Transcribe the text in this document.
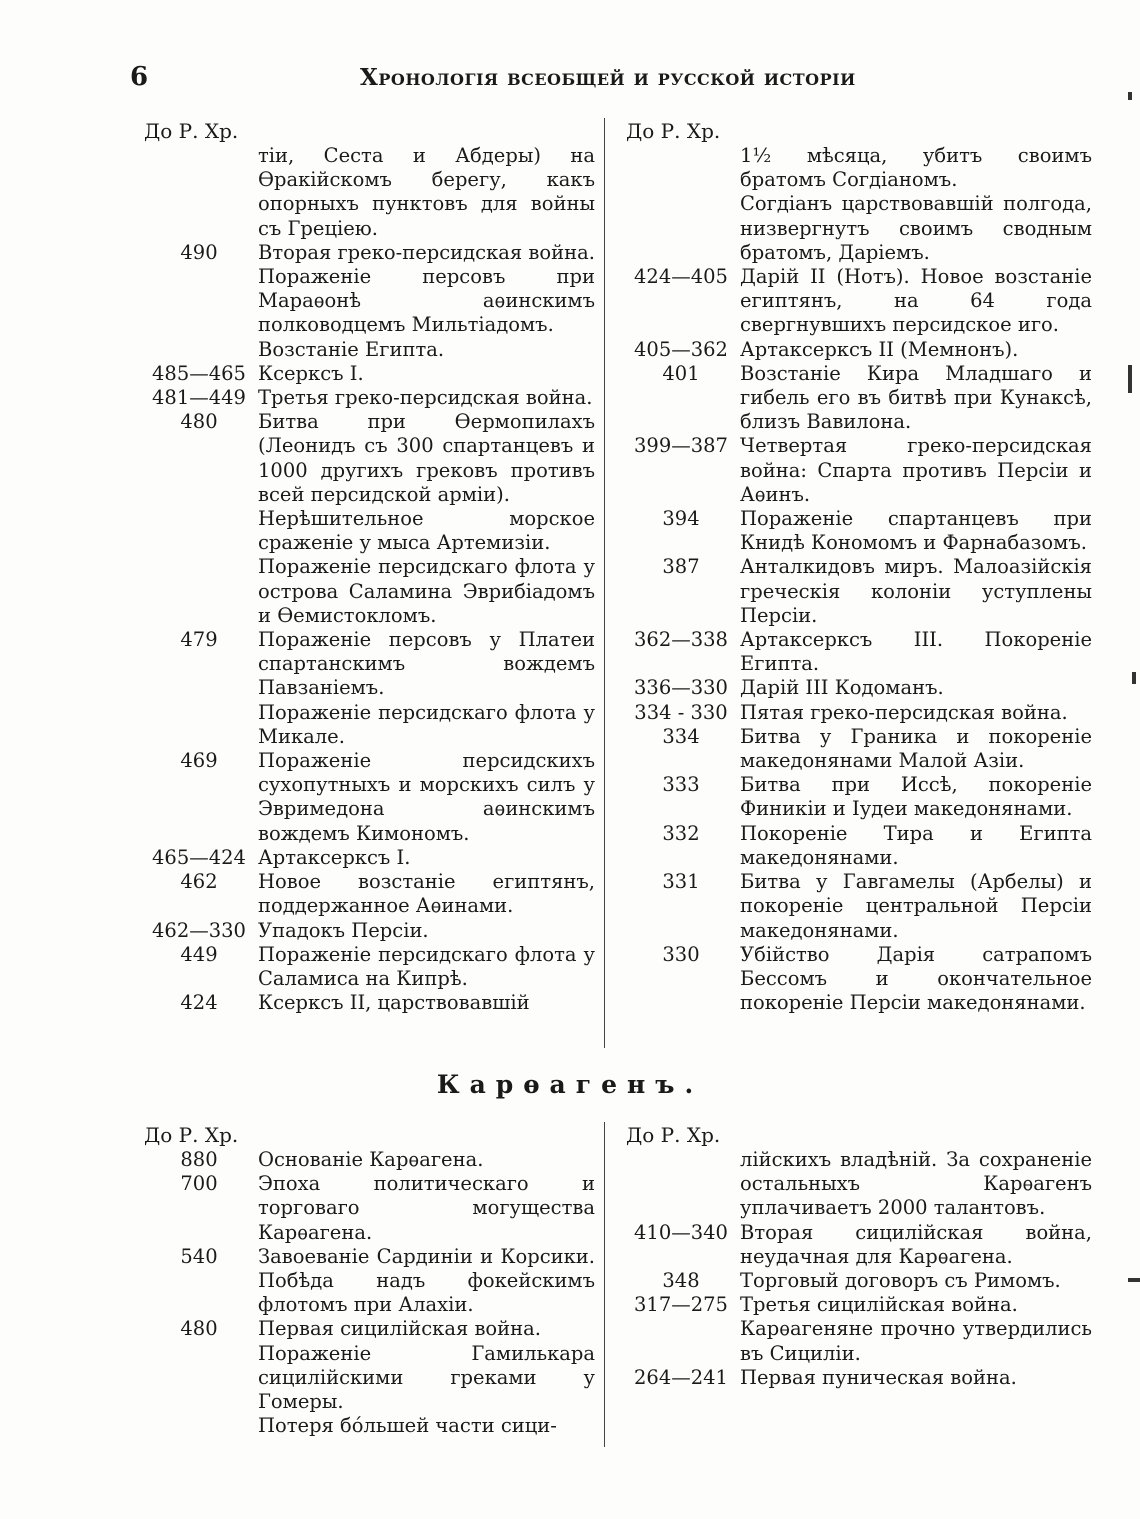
6	Хронологія всеобщей и русской исторіи
До Р. Хр.
тіи, Сеста и Абдеры) на Ѳракійскомъ берегу, какъ опорныхъ пунктовъ для войны съ Греціею.
490	Вторая греко-персидская война.
Пораженіе персовъ при Мараѳонѣ аѳинскимъ полководцемъ Мильтіадомъ.
Возстаніе Египта.
485—465 Ксерксъ I.
481—449 Третья греко-персидская война.
480	Битва при Ѳермопилахъ (Леонидъ съ 300 спартанцевъ и 1000 другихъ грековъ противъ всей персидской арміи).
Нерѣшительное морское сраженіе у мыса Артемизіи.
Пораженіе персидскаго флота у острова Саламина Эврибіадомъ и Ѳемистокломъ.
479	Пораженіе персовъ у Платеи спартанскимъ вождемъ Павзаніемъ.
Пораженіе персидскаго флота у Микале.
469	Пораженіе персидскихъ сухопутныхъ и морскихъ силъ у Эвримедона аѳинскимъ вождемъ Кимономъ.
465—424 Артаксерксъ I.
462	Новое возстаніе египтянъ, поддержанное Аѳинами.
462—330 Упадокъ Персіи.
449	Пораженіе персидскаго флота у Саламиса на Кипрѣ.
424	Ксерксъ II, царствовавшій
До Р. Хр.
1½ мѣсяца, убитъ своимъ братомъ Согдіаномъ.
Согдіанъ царствовавшій полгода, низвергнутъ своимъ сводным братомъ, Даріемъ.
424—405 Дарій II (Нотъ). Новое возстаніе египтянъ, на 64 года свергнувшихъ персидское иго.
405—362 Артаксерксъ II (Мемнонъ).
401	Возстаніе Кира Младшаго и гибель его въ битвѣ при Кунаксѣ, близъ Вавилона.
399—387 Четвертая греко-персидская война: Спарта противъ Персіи и Аѳинъ.
394	Пораженіе спартанцевъ при Книдѣ Кономомъ и Фарнабазомъ.
387	Анталкидовъ миръ. Малоазійскія греческія колоніи уступлены Персіи.
362—338 Артаксерксъ III. Покореніе Египта.
336—330 Дарій III Кодоманъ.
334 - 330 Пятая греко-персидская война.
334	Битва у Граника и покореніе македонянами Малой Азіи.
333	Битва при Иссѣ, покореніе Финикіи и Іудеи македонянами.
332	Покореніе Тира и Египта македонянами.
331	Битва у Гавгамелы (Арбелы) и покореніе центральной Персіи македонянами.
330	Убійство Дарія сатрапомъ Бессомъ и окончательное покореніе Персіи македонянами.
Карѳагенъ.
До Р. Хр.
880	Основаніе Карѳагена.
700	Эпоха политическаго и торговаго могущества Карѳагена.
540	Завоеваніе Сардиніи и Корсики. Побѣда надъ фокейскимъ флотомъ при Алахіи.
480	Первая сицилійская война.
Пораженіе Гамилькара сицилійскими греками у Гомеры.
Потеря бóльшей части сици-
До Р. Хр.
лійскихъ владѣній. За сохраненіе остальныхъ Карѳагенъ уплачиваетъ 2000 талантовъ.
410—340 Вторая сицилійская война, неудачная для Карѳагена.
348	Торговый договоръ съ Римомъ.
317—275 Третья сицилійская война.
Карѳагеняне прочно утвердились въ Сициліи.
264—241 Первая пуническая война.
